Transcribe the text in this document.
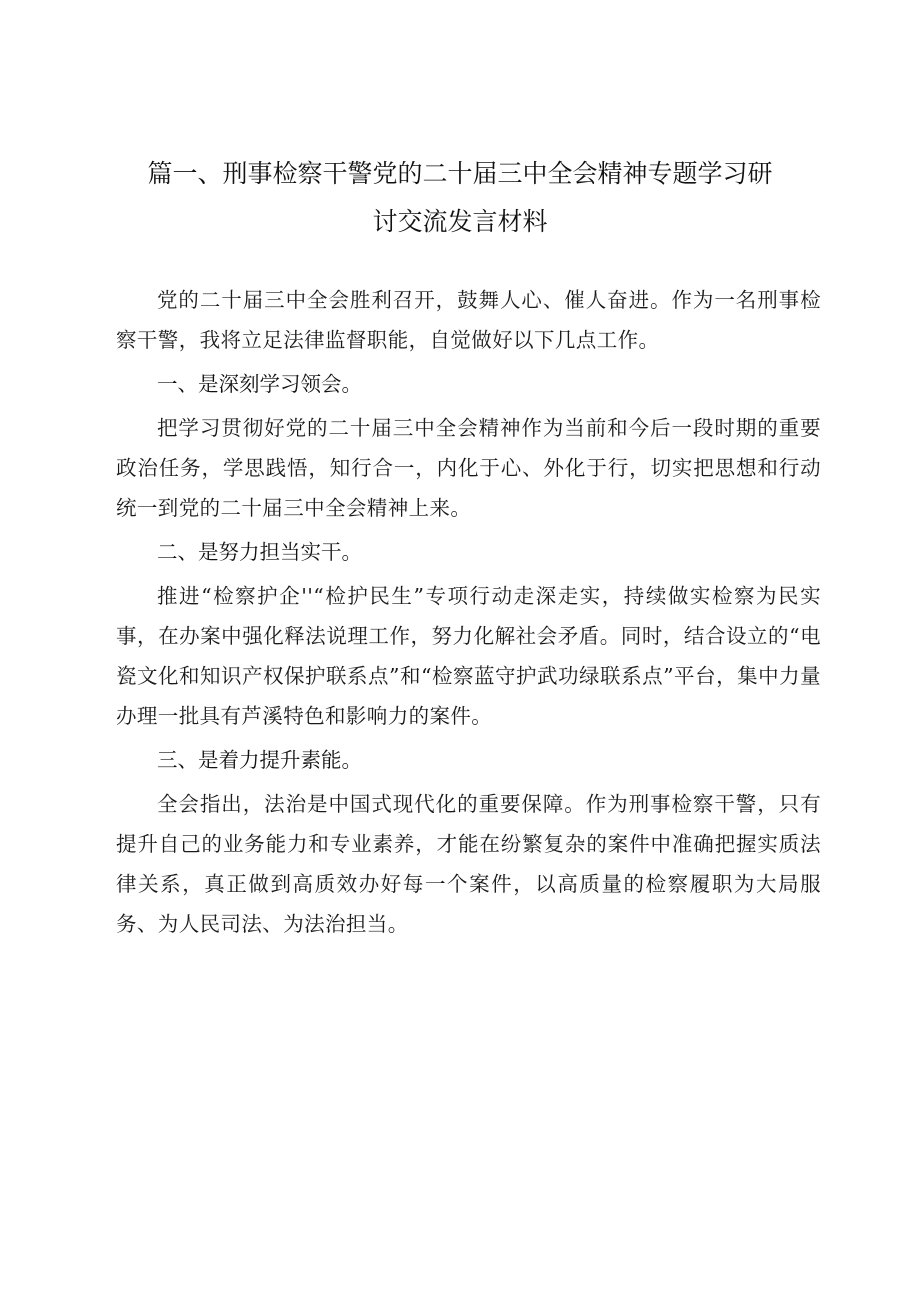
篇一、刑事检察干警党的二十届三中全会精神专题学习研
讨交流发言材料

党的二十届三中全会胜利召开，鼓舞人心、催人奋进。作为一名刑事检察干警，我将立足法律监督职能，自觉做好以下几点工作。

一、是深刻学习领会。

把学习贯彻好党的二十届三中全会精神作为当前和今后一段时期的重要政治任务，学思践悟，知行合一，内化于心、外化于行，切实把思想和行动统一到党的二十届三中全会精神上来。

二、是努力担当实干。

推进“检察护企''“检护民生”专项行动走深走实，持续做实检察为民实事，在办案中强化释法说理工作，努力化解社会矛盾。同时，结合设立的“电瓷文化和知识产权保护联系点”和“检察蓝守护武功绿联系点”平台，集中力量办理一批具有芦溪特色和影响力的案件。

三、是着力提升素能。

全会指出，法治是中国式现代化的重要保障。作为刑事检察干警，只有提升自己的业务能力和专业素养，才能在纷繁复杂的案件中准确把握实质法律关系，真正做到高质效办好每一个案件，以高质量的检察履职为大局服务、为人民司法、为法治担当。
